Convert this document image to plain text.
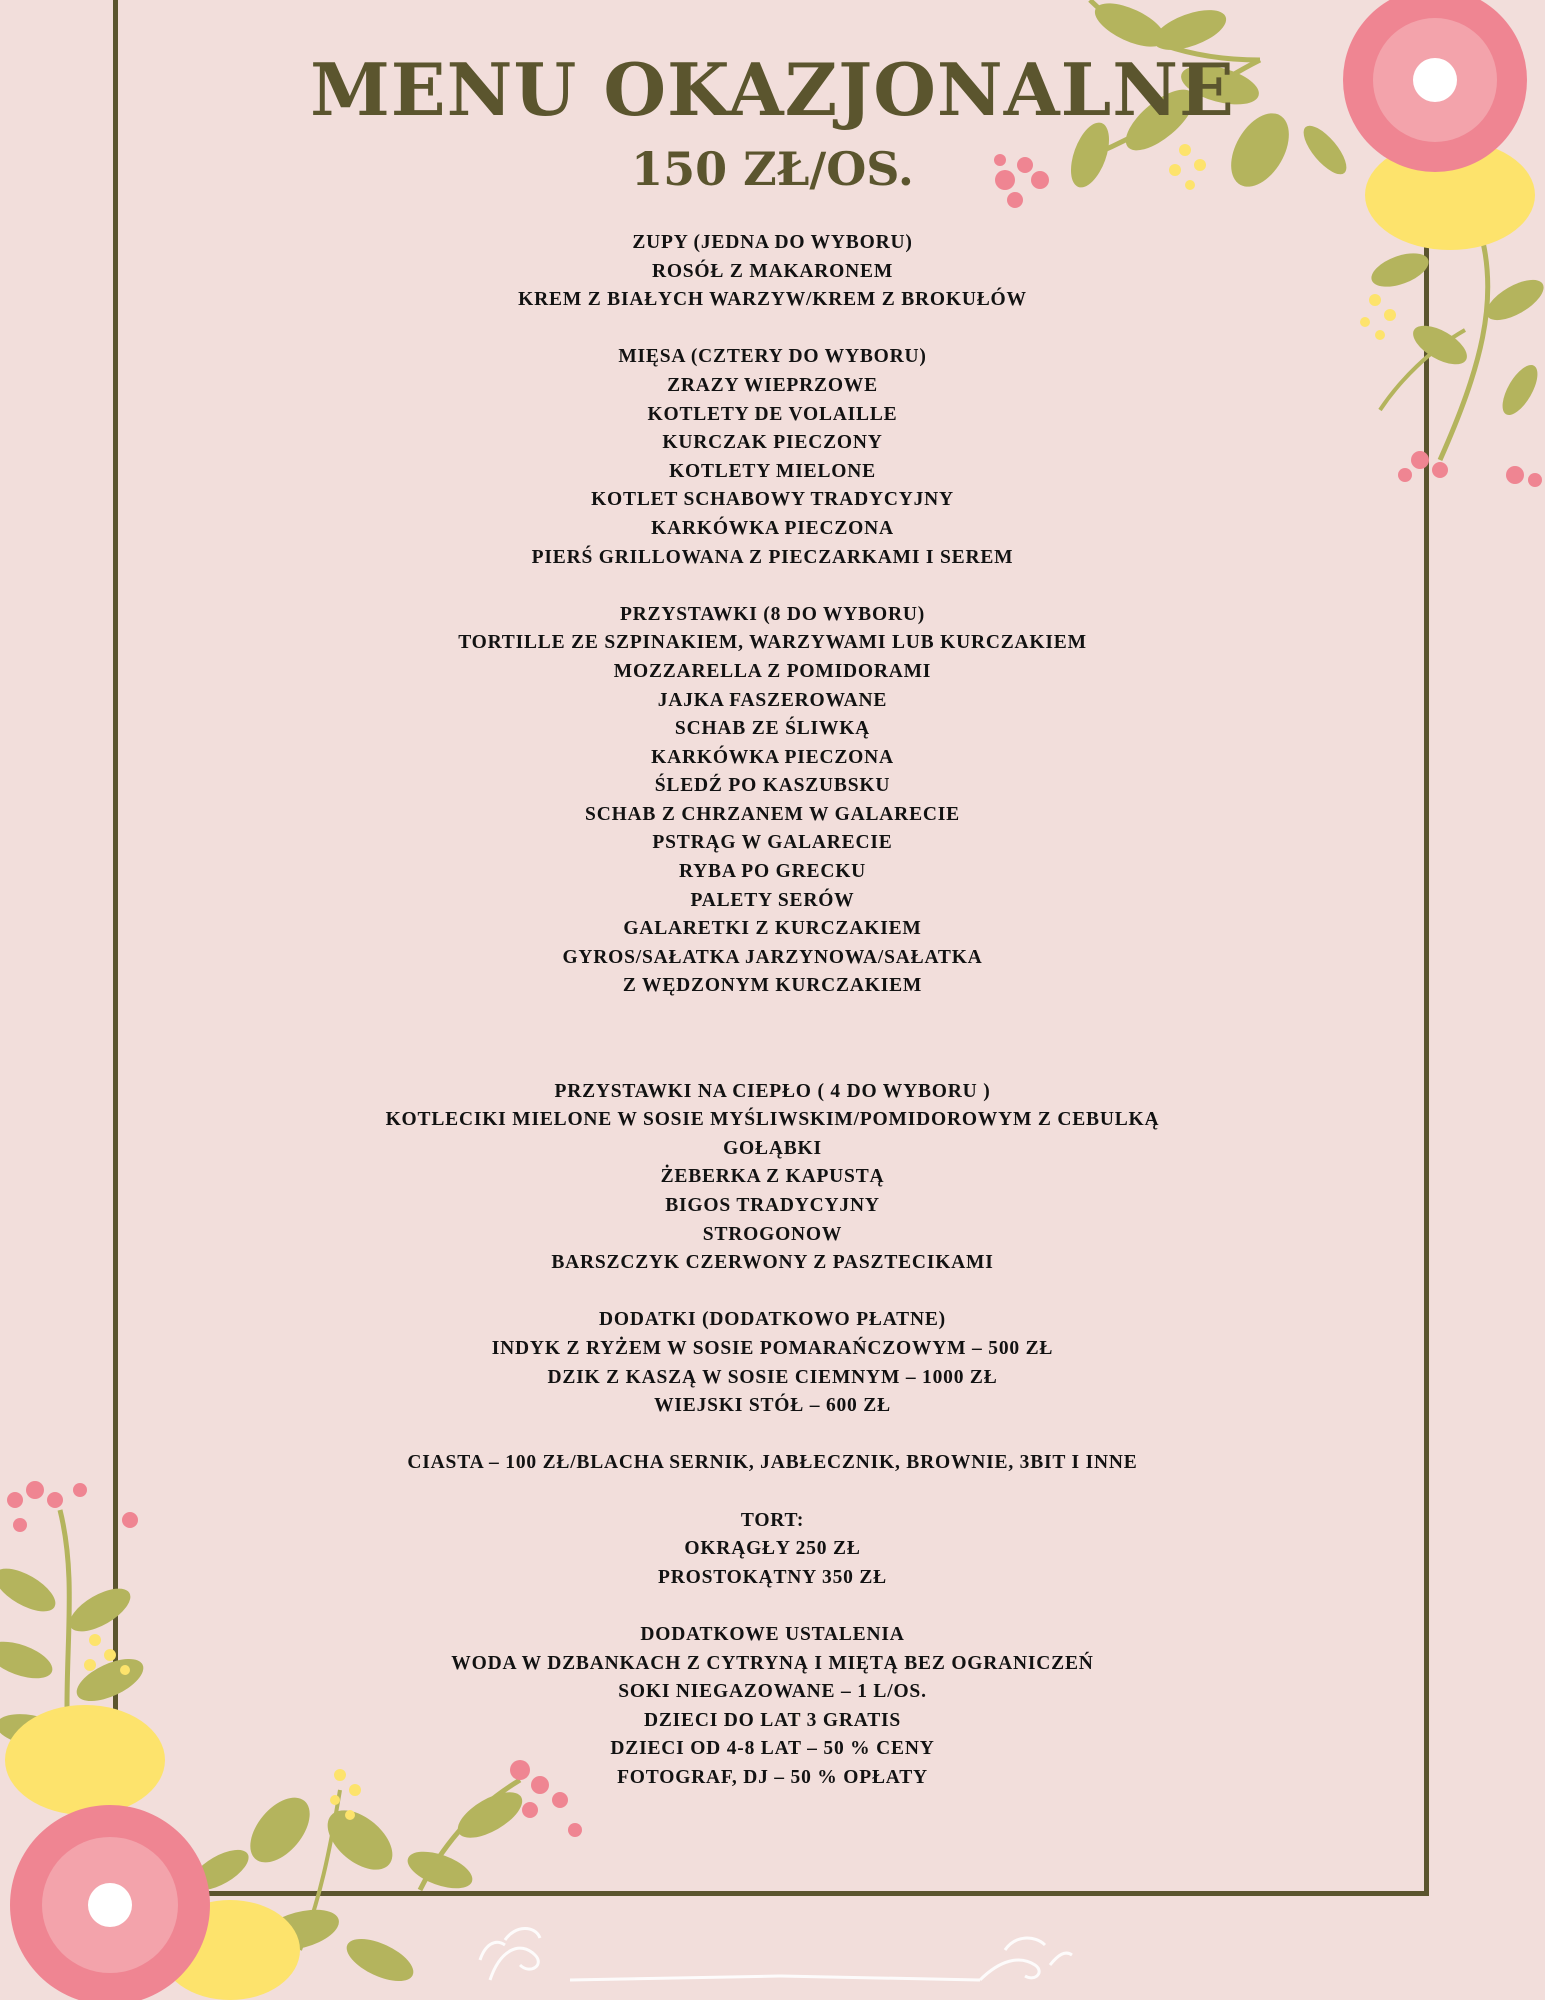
MENU OKAZJONALNE
150 ZŁ/OS.
ZUPY (JEDNA DO WYBORU)
ROSÓŁ Z MAKARONEM
KREM Z BIAŁYCH WARZYW/KREM Z BROKUŁÓW
MIĘSA (CZTERY DO WYBORU)
ZRAZY WIEPRZOWE
KOTLETY DE VOLAILLE
KURCZAK PIECZONY
KOTLETY MIELONE
KOTLET SCHABOWY TRADYCYJNY
KARKÓWKA PIECZONA
PIERŚ GRILLOWANA Z PIECZARKAMI I SEREM
PRZYSTAWKI (8 DO WYBORU)
TORTILLE ZE SZPINAKIEM, WARZYWAMI LUB KURCZAKIEM
MOZZARELLA Z POMIDORAMI
JAJKA FASZEROWANE
SCHAB ZE ŚLIWKĄ
KARKÓWKA PIECZONA
ŚLEDŹ PO KASZUBSKU
SCHAB Z CHRZANEM W GALARECIE
PSTRĄG W GALARECIE
RYBA PO GRECKU
PALETY SERÓW
GALARETKI Z KURCZAKIEM
GYROS/SAŁATKA JARZYNOWA/SAŁATKA
Z WĘDZONYM KURCZAKIEM
PRZYSTAWKI NA CIEPŁO ( 4 DO WYBORU )
KOTLECIKI MIELONE W SOSIE MYŚLIWSKIM/POMIDOROWYM Z CEBULKĄ
GOŁĄBKI
ŻEBERKA Z KAPUSTĄ
BIGOS TRADYCYJNY
STROGONOW
BARSZCZYK CZERWONY Z PASZTECIKAMI
DODATKI (DODATKOWO PŁATNE)
INDYK Z RYŻEM W SOSIE POMARAŃCZOWYM – 500 ZŁ
DZIK Z KASZĄ W SOSIE CIEMNYM – 1000 ZŁ
WIEJSKI STÓŁ – 600 ZŁ
CIASTA – 100 ZŁ/BLACHA SERNIK, JABŁECZNIK, BROWNIE, 3BIT I INNE
TORT:
OKRĄGŁY 250 ZŁ
PROSTOKĄTNY 350 ZŁ
DODATKOWE USTALENIA
WODA W DZBANKACH Z CYTRYNĄ I MIĘTĄ BEZ OGRANICZEŃ
SOKI NIEGAZOWANE – 1 L/OS.
DZIECI DO LAT 3 GRATIS
DZIECI OD 4-8 LAT – 50 % CENY
FOTOGRAF, DJ – 50 % OPŁATY
